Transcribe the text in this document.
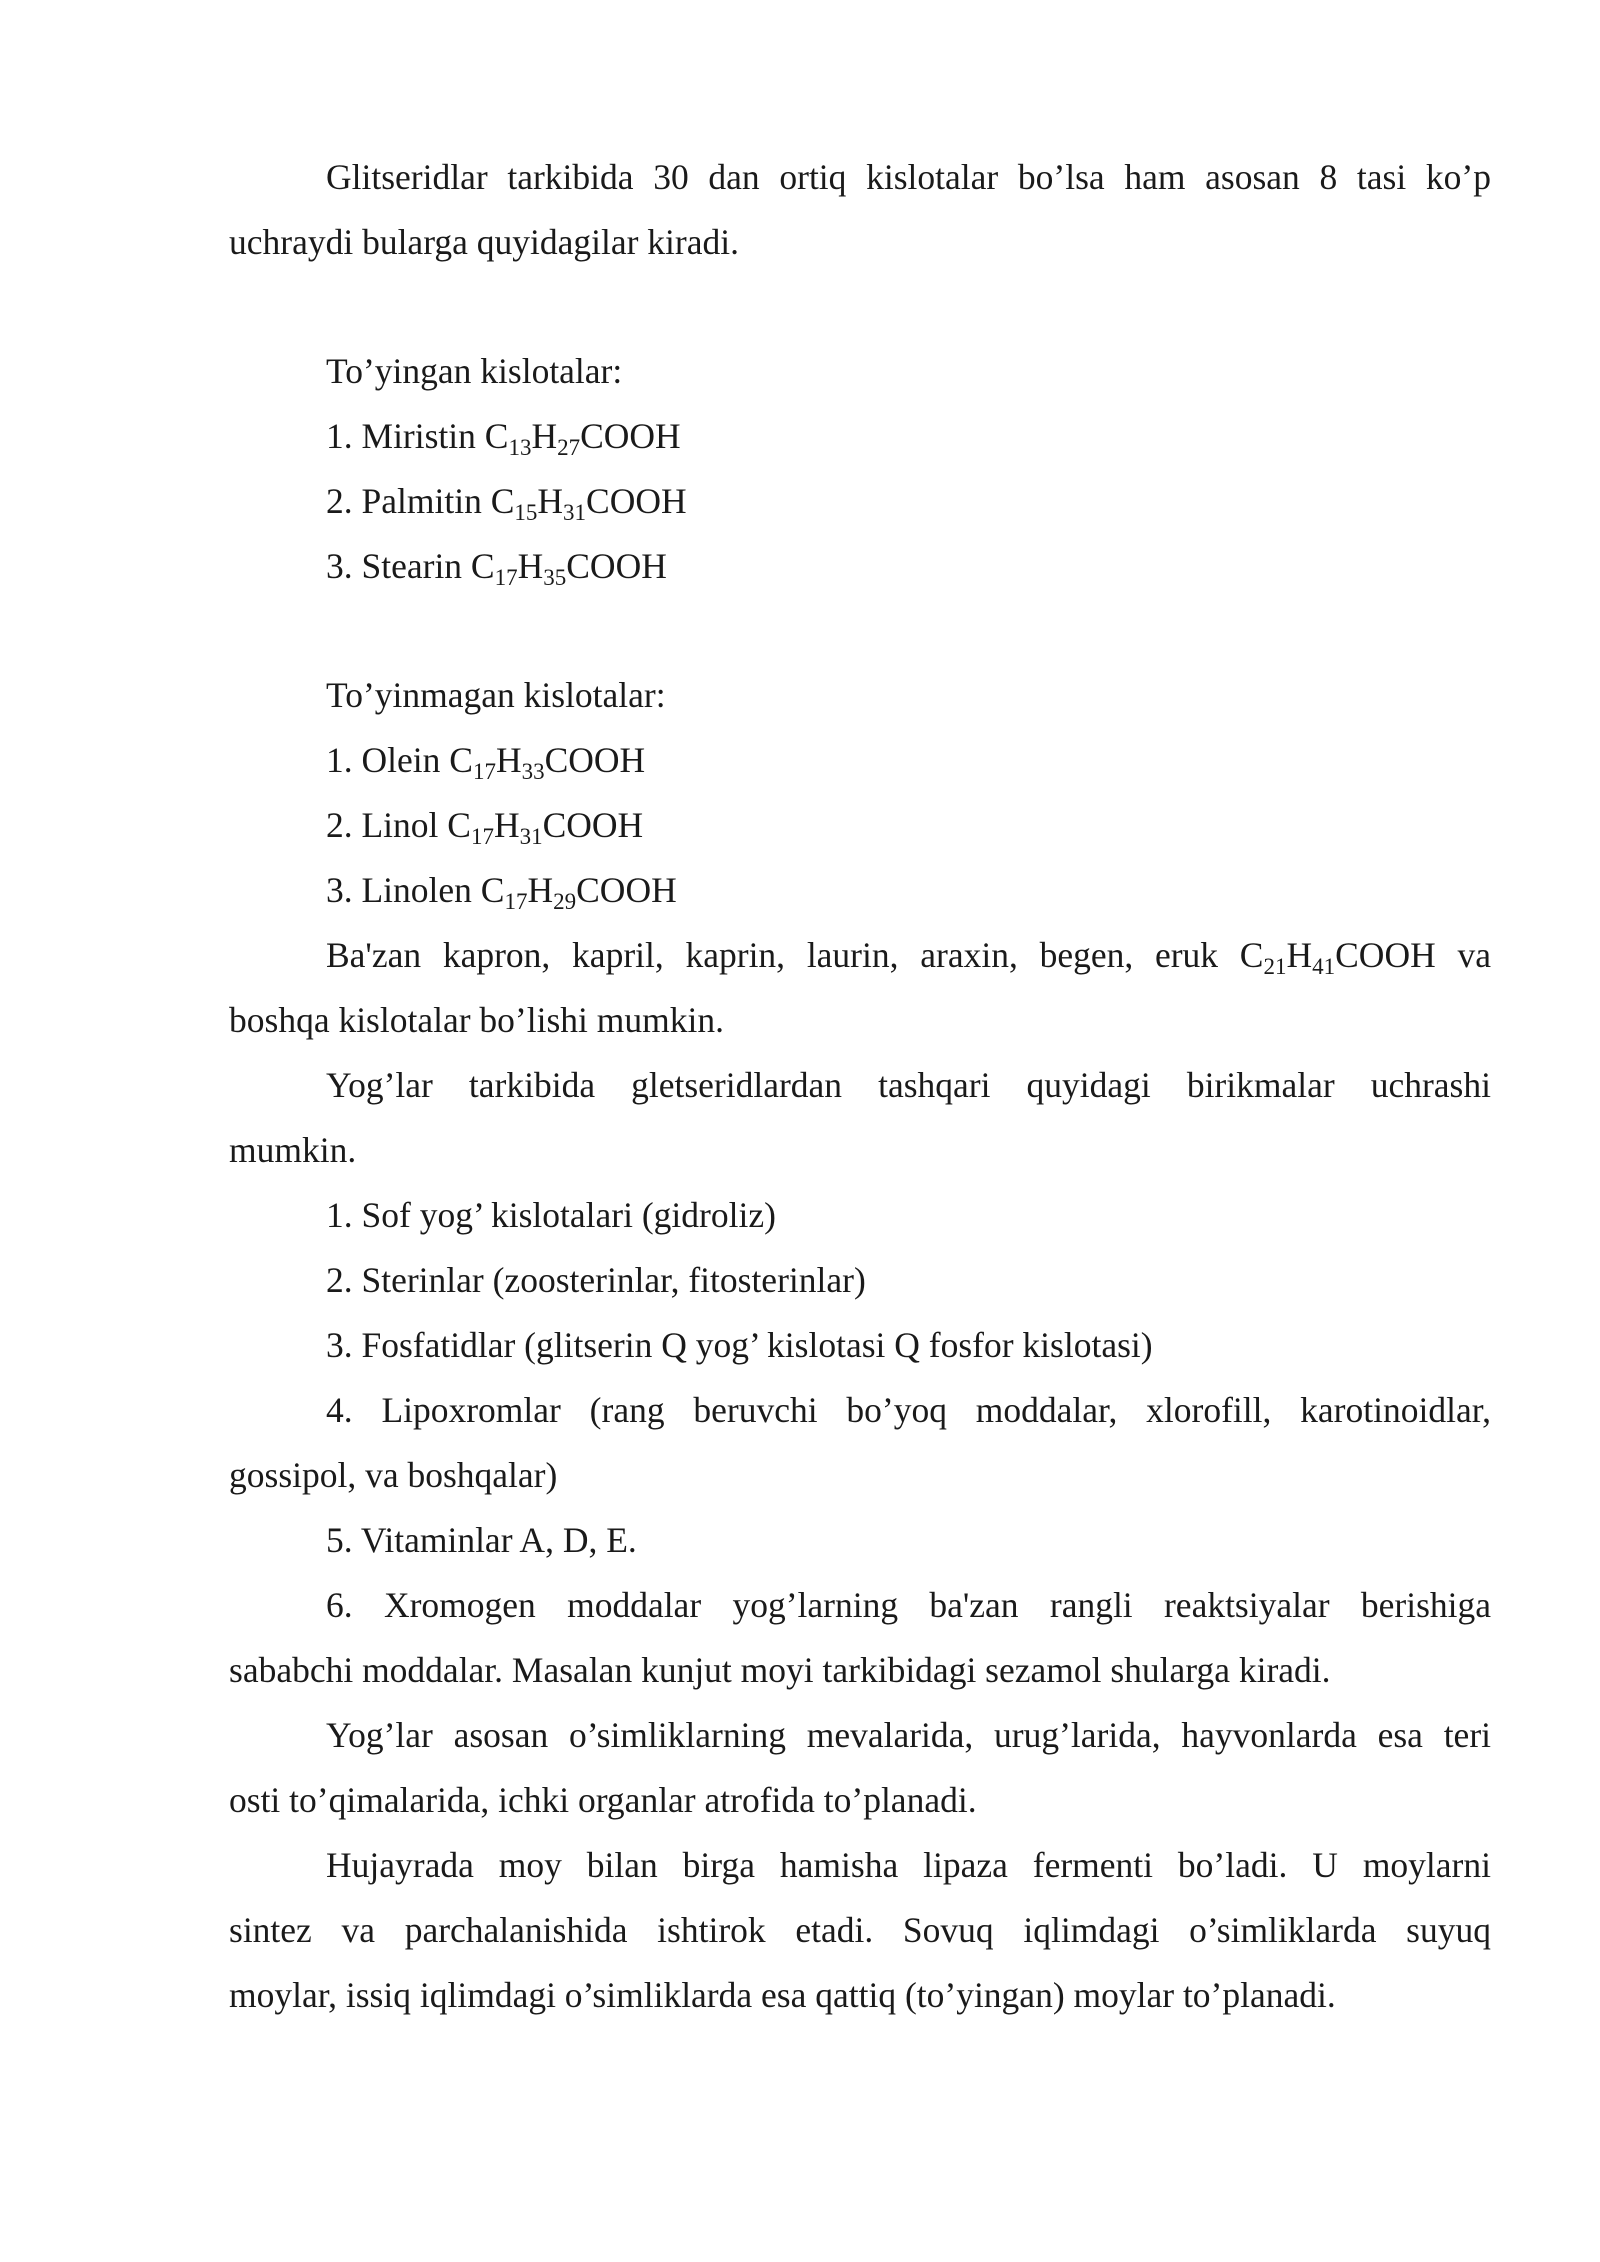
Glitseridlar tarkibida 30 dan ortiq kislotalar bo’lsa ham asosan 8 tasi ko’p
uchraydi bularga quyidagilar kiradi.
To’yingan kislotalar:
1. Miristin $C_{13}H_{27}COOH$
2. Palmitin $C_{15}H_{31}COOH$
3. Stearin $C_{17}H_{35}COOH$
To’yinmagan kislotalar:
1. Olein $C_{17}H_{33}COOH$
2. Linol $C_{17}H_{31}COOH$
3. Linolen $C_{17}H_{29}COOH$
Ba'zan kapron, kapril, kaprin, laurin, araxin, begen, eruk $C_{21}H_{41}COOH$ va
boshqa kislotalar bo’lishi mumkin.
Yog’lar tarkibida gletseridlardan tashqari quyidagi birikmalar uchrashi
mumkin.
1. Sof yog’ kislotalari (gidroliz)
2. Sterinlar (zoosterinlar, fitosterinlar)
3. Fosfatidlar (glitserin Q yog’ kislotasi Q fosfor kislotasi)
4. Lipoxromlar (rang beruvchi bo’yoq moddalar, xlorofill, karotinoidlar,
gossipol, va boshqalar)
5. Vitaminlar A, D, E.
6. Xromogen moddalar yog’larning ba'zan rangli reaktsiyalar berishiga
sababchi moddalar. Masalan kunjut moyi tarkibidagi sezamol shularga kiradi.
Yog’lar asosan o’simliklarning mevalarida, urug’larida, hayvonlarda esa teri
osti to’qimalarida, ichki organlar atrofida to’planadi.
Hujayrada moy bilan birga hamisha lipaza fermenti bo’ladi. U moylarni
sintez va parchalanishida ishtirok etadi. Sovuq iqlimdagi o’simliklarda suyuq
moylar, issiq iqlimdagi o’simliklarda esa qattiq (to’yingan) moylar to’planadi.
